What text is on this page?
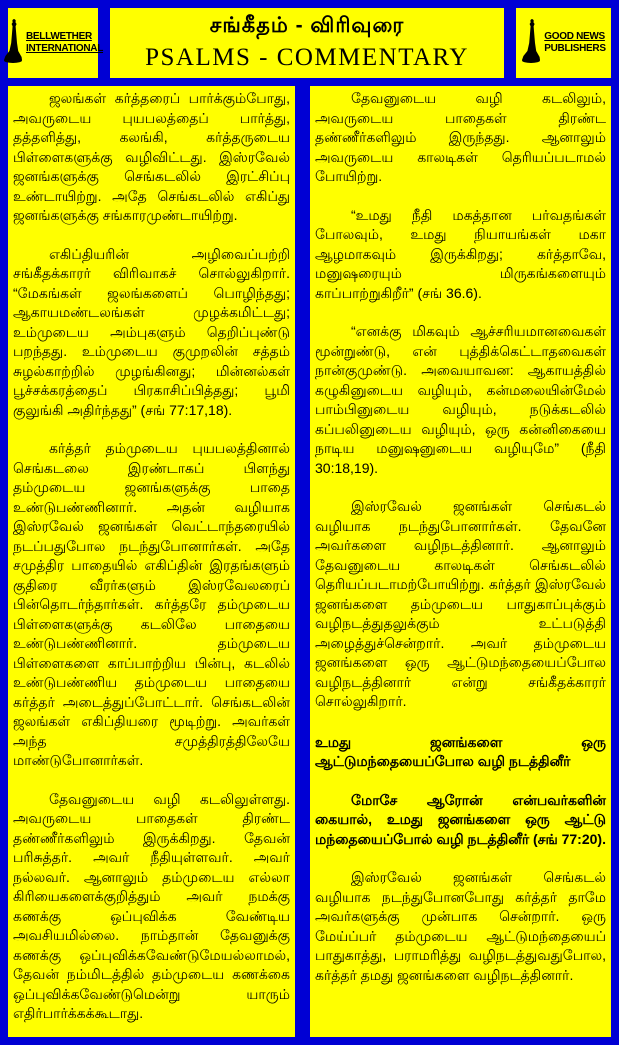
BELLWETHER
INTERNATIONAL
சங்கீதம் - விரிவுரை
PSALMS - COMMENTARY
GOOD NEWS
PUBLISHERS

ஜலங்கள் கர்த்தரைப் பார்க்கும்போது, அவருடைய புயபலத்தைப் பார்த்து, தத்தளித்து, கலங்கி, கர்த்தருடைய பிள்ளைகளுக்கு வழிவிட்டது. இஸ்ரவேல் ஜனங்களுக்கு செங்கடலில் இரட்சிப்பு உண்டாயிற்று. அதே செங்கடலில் எகிப்து ஜனங்களுக்கு சங்காரமுண்டாயிற்று.

எகிப்தியரின் அழிவைப்பற்றி சங்கீதக்காரர் விரிவாகச் சொல்லுகிறார். “மேகங்கள் ஜலங்களைப் பொழிந்தது; ஆகாயமண்டலங்கள் முழக்கமிட்டது; உம்முடைய அம்புகளும் தெறிப்புண்டு பறந்தது. உம்முடைய குமுறலின் சத்தம் சுழல்காற்றில் முழங்கினது; மின்னல்கள் பூச்சக்கரத்தைப் பிரகாசிப்பித்தது; பூமி குலுங்கி அதிர்ந்தது” (சங் 77:17,18).

கர்த்தர் தம்முடைய புயபலத்தினால் செங்கடலை இரண்டாகப் பிளந்து தம்முடைய ஜனங்களுக்கு பாதை உண்டுபண்ணினார். அதன் வழியாக இஸ்ரவேல் ஜனங்கள் வெட்டாந்தரையில் நடப்பதுபோல நடந்துபோனார்கள். அதே சமுத்திர பாதையில் எகிப்தின் இரதங்களும் குதிரை வீரர்களும் இஸ்ரவேலரைப் பின்தொடர்ந்தார்கள். கர்த்தரே தம்முடைய பிள்ளைகளுக்கு கடலிலே பாதையை உண்டுபண்ணினார். தம்முடைய பிள்ளைகளை காப்பாற்றிய பின்பு, கடலில் உண்டுபண்ணிய தம்முடைய பாதையை கர்த்தர் அடைத்துப்போட்டார். செங்கடலின் ஜலங்கள் எகிப்தியரை மூடிற்று. அவர்கள் அந்த சமுத்திரத்திலேயே மாண்டுபோனார்கள்.

தேவனுடைய வழி கடலிலுள்ளது. அவருடைய பாதைகள் திரண்ட தண்ணீர்களிலும் இருக்கிறது. தேவன் பரிசுத்தர். அவர் நீதியுள்ளவர். அவர் நல்லவர். ஆனாலும் தம்முடைய எல்லா கிரியைகளைக்குறித்தும் அவர் நமக்கு கணக்கு ஒப்புவிக்க வேண்டிய அவசியமில்லை. நாம்தான் தேவனுக்கு கணக்கு ஒப்புவிக்கவேண்டுமேயல்லாமல், தேவன் நம்மிடத்தில் தம்முடைய கணக்கை ஒப்புவிக்கவேண்டுமென்று யாரும் எதிர்பார்க்கக்கூடாது.

தேவனுடைய வழி கடலிலும், அவருடைய பாதைகள் திரண்ட தண்ணீர்களிலும் இருந்தது. ஆனாலும் அவருடைய காலடிகள் தெரியப்படாமல் போயிற்று.

“உமது நீதி மகத்தான பர்வதங்கள் போலவும், உமது நியாயங்கள் மகா ஆழமாகவும் இருக்கிறது; கர்த்தாவே, மனுஷரையும் மிருகங்களையும் காப்பாற்றுகிறீர்” (சங் 36.6).

“எனக்கு மிகவும் ஆச்சரியமானவைகள் மூன்றுண்டு, என் புத்திக்கெட்டாதவைகள் நான்குமுண்டு. அவையாவன: ஆகாயத்தில் கழுகினுடைய வழியும், கன்மலையின்மேல் பாம்பினுடைய வழியும், நடுக்கடலில் கப்பலினுடைய வழியும், ஒரு கன்னிகையை நாடிய மனுஷனுடைய வழியுமே” (நீதி 30:18,19).

இஸ்ரவேல் ஜனங்கள் செங்கடல் வழியாக நடந்துபோனார்கள். தேவனே அவர்களை வழிநடத்தினார். ஆனாலும் தேவனுடைய காலடிகள் செங்கடலில் தெரியப்படாமற்போயிற்று. கர்த்தர் இஸ்ரவேல் ஜனங்களை தம்முடைய பாதுகாப்புக்கும் வழிநடத்துதலுக்கும் உட்படுத்தி அழைத்துச்சென்றார். அவர் தம்முடைய ஜனங்களை ஒரு ஆட்டுமந்தையைப்போல வழிநடத்தினார் என்று சங்கீதக்காரர் சொல்லுகிறார்.

உமது ஜனங்களை ஒரு ஆட்டுமந்தையைப்போல வழி நடத்தினீர்

மோசே ஆரோன் என்பவர்களின் கையால், உமது ஜனங்களை ஒரு ஆட்டு மந்தையைப்போல் வழி நடத்தினீர் (சங் 77:20).

இஸ்ரவேல் ஜனங்கள் செங்கடல் வழியாக நடந்துபோனபோது கர்த்தர் தாமே அவர்களுக்கு முன்பாக சென்றார். ஒரு மேய்ப்பர் தம்முடைய ஆட்டுமந்தையைப் பாதுகாத்து, பராமரித்து வழிநடத்துவதுபோல, கர்த்தர் தமது ஜனங்களை வழிநடத்தினார்.
